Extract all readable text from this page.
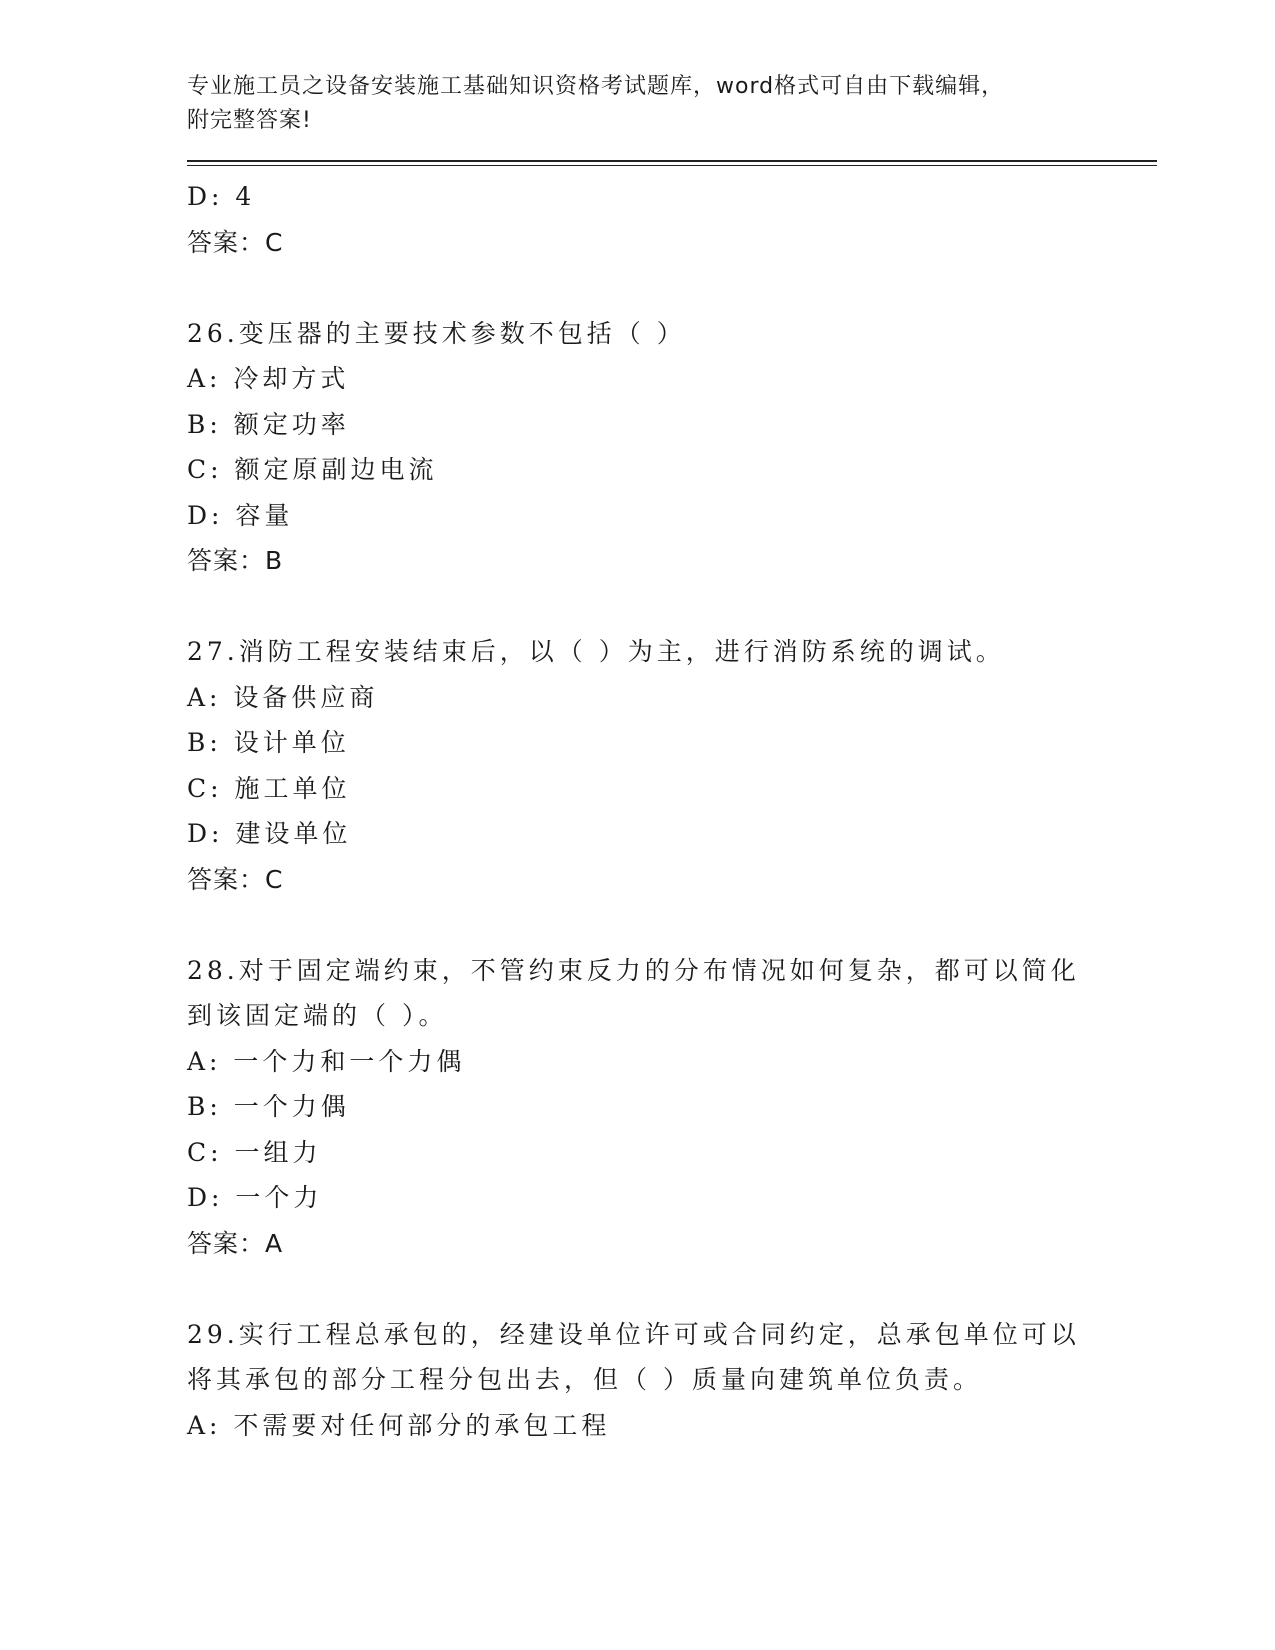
专业施工员之设备安装施工基础知识资格考试题库，word格式可自由下载编辑，
附完整答案!
D: 4
答案：C
26.变压器的主要技术参数不包括（ ）
A: 冷却方式
B: 额定功率
C: 额定原副边电流
D: 容量
答案：B
27.消防工程安装结束后，以（ ）为主，进行消防系统的调试。
A: 设备供应商
B: 设计单位
C: 施工单位
D: 建设单位
答案：C
28.对于固定端约束，不管约束反力的分布情况如何复杂，都可以简化
到该固定端的（ ）。
A: 一个力和一个力偶
B: 一个力偶
C: 一组力
D: 一个力
答案：A
29.实行工程总承包的，经建设单位许可或合同约定，总承包单位可以
将其承包的部分工程分包出去，但（ ）质量向建筑单位负责。
A: 不需要对任何部分的承包工程
